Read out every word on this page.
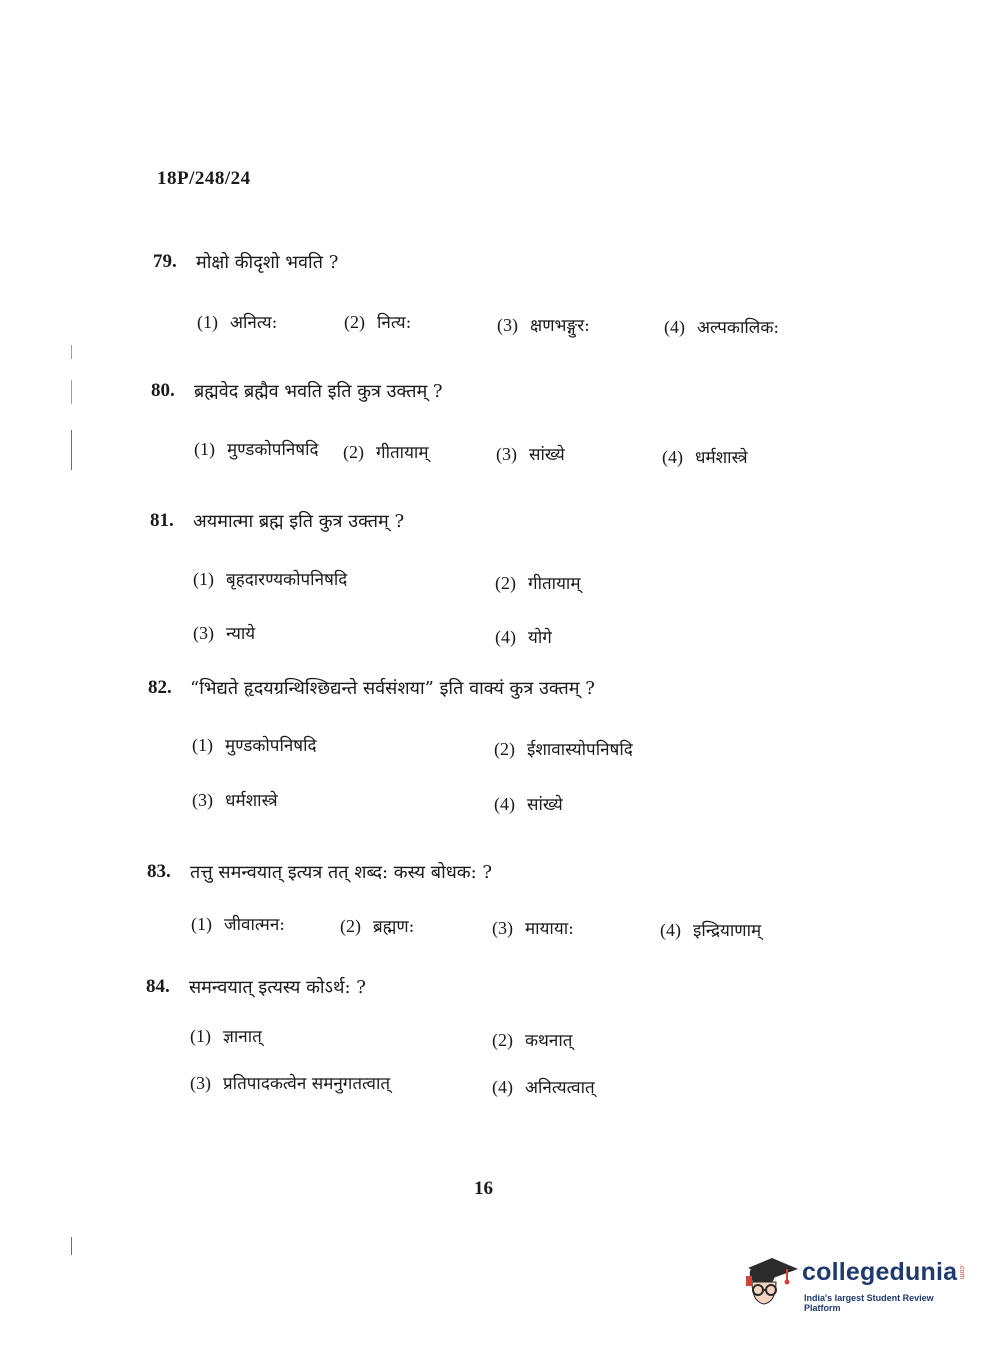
18P/248/24
79. मोक्षो कीदृशो भवति ?
(1) अनित्य:	(2) नित्य:	(3) क्षणभङ्गुर:	(4) अल्पकालिक:
80. ब्रह्मवेद ब्रह्मैव भवति इति कुत्र उक्तम् ?
(1) मुण्डकोपनिषदि (2) गीतायाम्	(3) सांख्ये	(4) धर्मशास्त्रे
81. अयमात्मा ब्रह्म इति कुत्र उक्तम् ?
(1) बृहदारण्यकोपनिषदि	(2) गीतायाम्
(3) न्याये	(4) योगे
82. “भिद्यते हृदयग्रन्थिश्छिद्यन्ते सर्वसंशया” इति वाक्यं कुत्र उक्तम् ?
(1) मुण्डकोपनिषदि	(2) ईशावास्योपनिषदि
(3) धर्मशास्त्रे	(4) सांख्ये
83. तत्तु समन्वयात् इत्यत्र तत् शब्द: कस्य बोधक: ?
(1) जीवात्मन:	(2) ब्रह्मण:	(3) मायाया:	(4) इन्द्रियाणाम्
84. समन्वयात् इत्यस्य कोऽर्थ: ?
(1) ज्ञानात्	(2) कथनात्
(3) प्रतिपादकत्वेन समनुगतत्वात्	(4) अनित्यत्वात्
16
collegedunia .com
India's largest Student Review Platform
